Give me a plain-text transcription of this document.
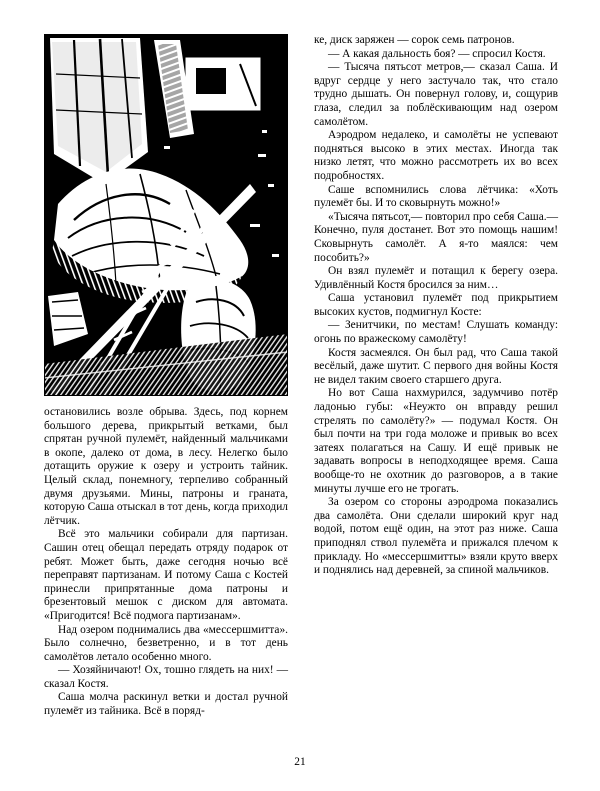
остановились возле обрыва. Здесь, под корнем большого дерева, прикрытый ветками, был спрятан ручной пулемёт, найденный мальчиками в окопе, далеко от дома, в лесу. Нелегко было дотащить оружие к озеру и устроить тайник. Целый склад, понемногу, терпеливо собранный двумя друзьями. Мины, патроны и граната, которую Саша отыскал в тот день, когда приходил лётчик.

Всё это мальчики собирали для партизан. Сашин отец обещал передать отряду подарок от ребят. Может быть, даже сегодня ночью всё переправят партизанам. И потому Саша с Костей принесли припрятанные дома патроны и брезентовый мешок с диском для автомата. «Пригодится! Всё подмога партизанам».

Над озером поднимались два «мессершмитта». Было солнечно, безветренно, и в тот день самолётов летало особенно много.

— Хозяйничают! Ох, тошно глядеть на них! — сказал Костя.

Саша молча раскинул ветки и достал ручной пулемёт из тайника. Всё в поряд-

ке, диск заряжен — сорок семь патронов.

— А какая дальность боя? — спросил Костя.

— Тысяча пятьсот метров,— сказал Саша. И вдруг сердце у него застучало так, что стало трудно дышать. Он повернул голову, и, сощурив глаза, следил за поблёскивающим над озером самолётом.

Аэродром недалеко, и самолёты не успевают подняться высоко в этих местах. Иногда так низко летят, что можно рассмотреть их во всех подробностях.

Саше вспомнились слова лётчика: «Хоть пулемёт бы. И то сковырнуть можно!»

«Тысяча пятьсот,— повторил про себя Саша.— Конечно, пуля достанет. Вот это помощь нашим! Сковырнуть самолёт. А я-то маялся: чем пособить?»

Он взял пулемёт и потащил к берегу озера. Удивлённый Костя бросился за ним…

Саша установил пулемёт под прикрытием высоких кустов, подмигнул Косте:

— Зенитчики, по местам! Слушать команду: огонь по вражескому самолёту!

Костя засмеялся. Он был рад, что Саша такой весёлый, даже шутит. С первого дня войны Костя не видел таким своего старшего друга.

Но вот Саша нахмурился, задумчиво потёр ладонью губы: «Неужто он вправду решил стрелять по самолёту?» — подумал Костя. Он был почти на три года моложе и привык во всех затеях полагаться на Сашу. И ещё привык не задавать вопросы в неподходящее время. Саша вообще-то не охотник до разговоров, а в такие минуты лучше его не трогать.

За озером со стороны аэродрома показались два самолёта. Они сделали широкий круг над водой, потом ещё один, на этот раз ниже. Саша приподнял ствол пулемёта и прижался плечом к прикладу. Но «мессершмитты» взяли круто вверх и поднялись над деревней, за спиной мальчиков.

21
